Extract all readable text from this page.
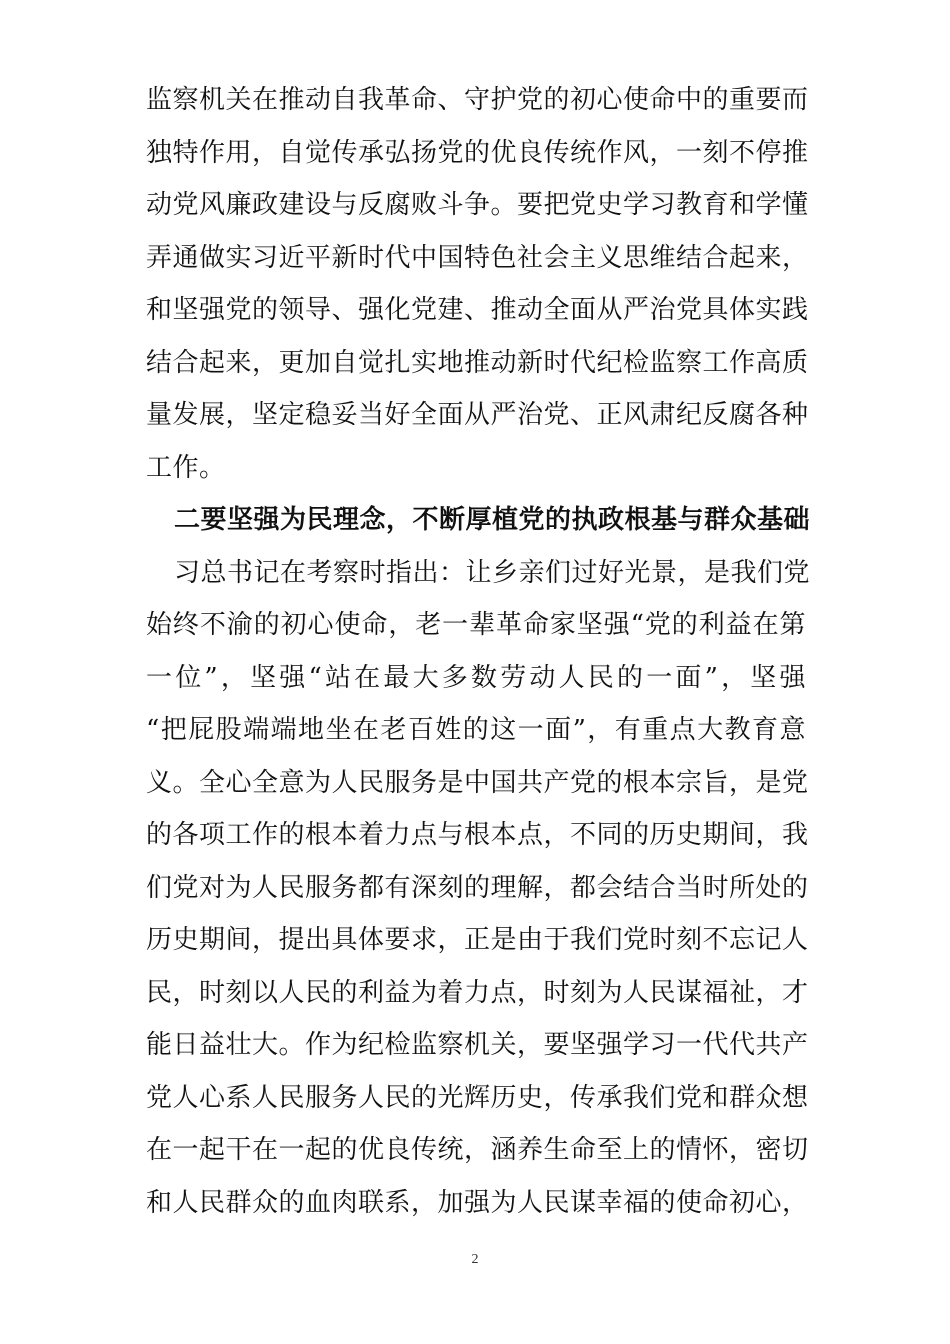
监察机关在推动自我革命、守护党的初心使命中的重要而
独特作用，自觉传承弘扬党的优良传统作风，一刻不停推
动党风廉政建设与反腐败斗争。要把党史学习教育和学懂
弄通做实习近平新时代中国特色社会主义思维结合起来，
和坚强党的领导、强化党建、推动全面从严治党具体实践
结合起来，更加自觉扎实地推动新时代纪检监察工作高质
量发展，坚定稳妥当好全面从严治党、正风肃纪反腐各种
工作。
二要坚强为民理念，不断厚植党的执政根基与群众基础
习总书记在考察时指出：让乡亲们过好光景，是我们党
始终不渝的初心使命，老一辈革命家坚强“党的利益在第
一位”，坚强“站在最大多数劳动人民的一面”，坚强
“把屁股端端地坐在老百姓的这一面”，有重点大教育意
义。全心全意为人民服务是中国共产党的根本宗旨，是党
的各项工作的根本着力点与根本点，不同的历史期间，我
们党对为人民服务都有深刻的理解，都会结合当时所处的
历史期间，提出具体要求，正是由于我们党时刻不忘记人
民，时刻以人民的利益为着力点，时刻为人民谋福祉，才
能日益壮大。作为纪检监察机关，要坚强学习一代代共产
党人心系人民服务人民的光辉历史，传承我们党和群众想
在一起干在一起的优良传统，涵养生命至上的情怀，密切
和人民群众的血肉联系，加强为人民谋幸福的使命初心，
2
